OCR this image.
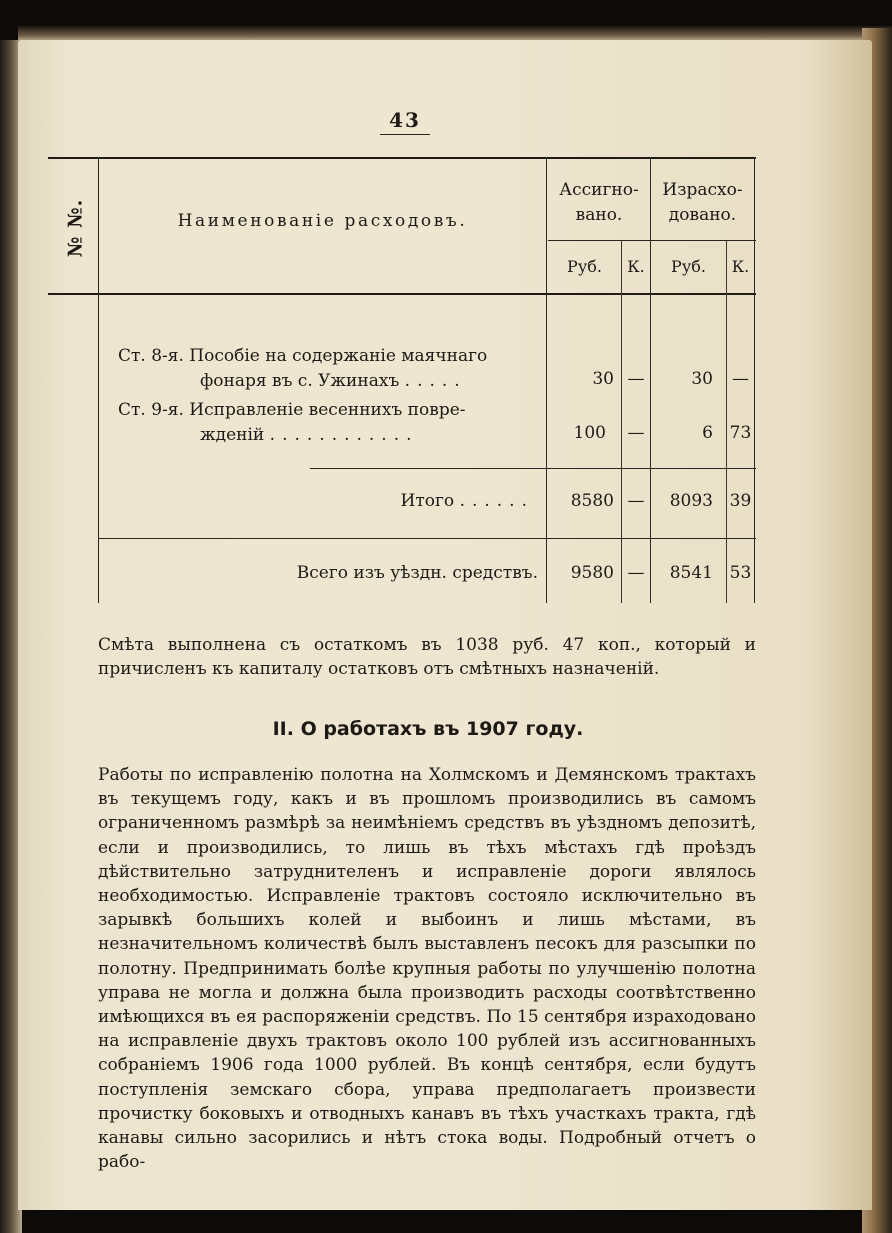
43
№ №.	Наименованіе расходовъ.
Ассигно-
вано.
Израсхо-
довано.
Руб.	К.	Руб.	К.
Ст. 8-я. Пособіе на содержаніе маячнаго
фонаря въ с. Ужинахъ .....	30 —	30 —
Ст. 9-я. Исправленіе весеннихъ повре-
жденій ............	100	—	6 73
Итого ......	8580 —	8093 39
Всего изъ уѣздн. средствъ.	9580 —	8541 53
Смѣта выполнена съ остаткомъ въ 1038 руб. 47 коп., который и причисленъ къ капиталу остатковъ отъ смѣтныхъ назначеній.
II. О работахъ въ 1907 году.
Работы по исправленію полотна на Холмскомъ и Демянскомъ трактахъ въ текущемъ году, какъ и въ прошломъ производились въ самомъ ограниченномъ размѣрѣ за неимѣніемъ средствъ въ уѣздномъ депозитѣ, если и производились, то лишь въ тѣхъ мѣстахъ гдѣ проѣздъ дѣйствительно затруднителенъ и исправленіе дороги являлось необходимостью. Исправленіе трактовъ состояло исключительно въ зарывкѣ большихъ колей и выбоинъ и лишь мѣстами, въ незначительномъ количествѣ былъ выставленъ песокъ для разсыпки по полотну. Предпринимать болѣе крупныя работы по улучшенію полотна управа не могла и должна была производить расходы соотвѣтственно имѣющихся въ ея распоряженіи средствъ. По 15 сентября израходовано на исправленіе двухъ трактовъ около 100 рублей изъ ассигнованныхъ собраніемъ 1906 года 1000 рублей. Въ концѣ сентября, если будутъ поступленія земскаго сбора, управа предполагаетъ произвести прочистку боковыхъ и отводныхъ канавъ въ тѣхъ участкахъ тракта, гдѣ канавы сильно засорились и нѣтъ стока воды. Подробный отчетъ о рабо-
